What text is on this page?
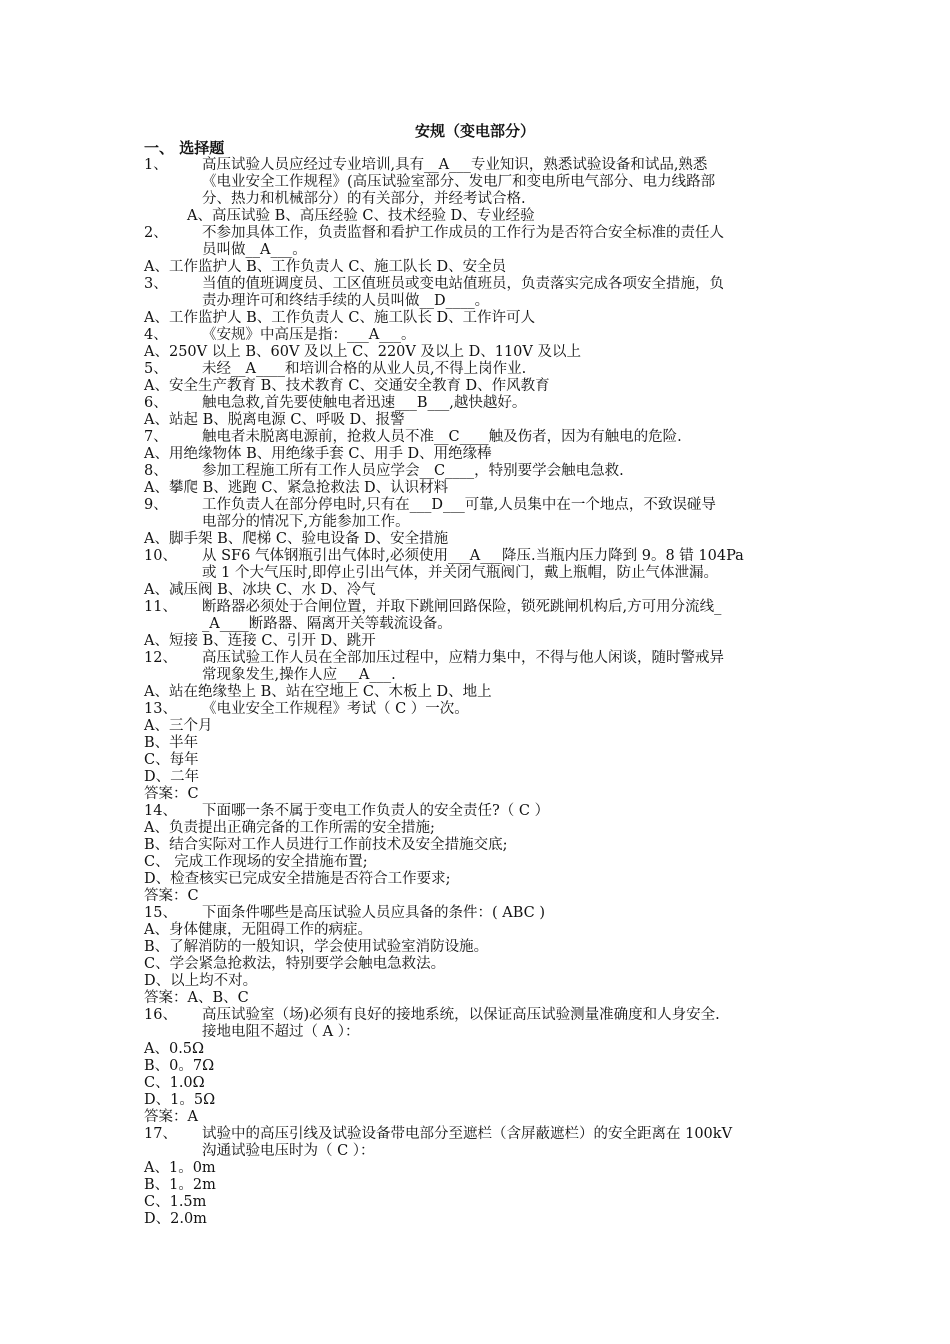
安规（变电部分）
一、 选择题
1、 高压试验人员应经过专业培训,具有__A___专业知识，熟悉试验设备和试品,熟悉
《电业安全工作规程》(高压试验室部分、发电厂和变电所电气部分、电力线路部
分、热力和机械部分）的有关部分，并经考试合格.
A、高压试验 B、高压经验 C、技术经验 D、专业经验
2、 不参加具体工作，负责监督和看护工作成员的工作行为是否符合安全标准的责任人
员叫做__A___。
A、工作监护人 B、工作负责人 C、施工队长 D、安全员
3、 当值的值班调度员、工区值班员或变电站值班员，负责落实完成各项安全措施，负
责办理许可和终结手续的人员叫做__D____。
A、工作监护人 B、工作负责人 C、施工队长 D、工作许可人
4、 《安规》中高压是指：___A___。
A、250V 以上 B、60V 及以上 C、220V 及以上 D、110V 及以上
5、 未经__A____和培训合格的从业人员,不得上岗作业.
A、安全生产教育 B、技术教育 C、交通安全教育 D、作风教育
6、 触电急救,首先要使触电者迅速___B___,越快越好。
A、站起 B、脱离电源 C、呼吸 D、报警
7、 触电者未脱离电源前，抢救人员不准__C____触及伤者，因为有触电的危险.
A、用绝缘物体 B、用绝缘手套 C、用手 D、用绝缘棒
8、 参加工程施工所有工作人员应学会__C____，特别要学会触电急救.
A、攀爬 B、逃跑 C、紧急抢救法 D、认识材料
9、 工作负责人在部分停电时,只有在___D___可靠,人员集中在一个地点，不致误碰导
电部分的情况下,方能参加工作。
A、脚手架 B、爬梯 C、验电设备 D、安全措施
10、 从 SF6 气体钢瓶引出气体时,必须使用___A___降压.当瓶内压力降到 9。8 错 104Pa
或 1 个大气压时,即停止引出气体，并关闭气瓶阀门，戴上瓶帽，防止气体泄漏。
A、减压阀 B、冰块 C、水 D、冷气
11、 断路器必须处于合闸位置，并取下跳闸回路保险，锁死跳闸机构后,方可用分流线_
_A____断路器、隔离开关等载流设备。
A、短接 B、连接 C、引开 D、跳开
12、 高压试验工作人员在全部加压过程中，应精力集中，不得与他人闲谈，随时警戒异
常现象发生,操作人应___A___.
A、站在绝缘垫上 B、站在空地上 C、木板上 D、地上
13、 《电业安全工作规程》考试（ C ）一次。
A、三个月
B、半年
C、每年
D、二年
答案：C
14、 下面哪一条不属于变电工作负责人的安全责任?（ C ）
A、负责提出正确完备的工作所需的安全措施;
B、结合实际对工作人员进行工作前技术及安全措施交底;
C、 完成工作现场的安全措施布置;
D、检查核实已完成安全措施是否符合工作要求;
答案：C
15、 下面条件哪些是高压试验人员应具备的条件：( ABC )
A、身体健康，无阻碍工作的病症。
B、了解消防的一般知识，学会使用试验室消防设施。
C、学会紧急抢救法，特别要学会触电急救法。
D、以上均不对。
答案：A、B、C
16、 高压试验室（场)必须有良好的接地系统，以保证高压试验测量准确度和人身安全.
接地电阻不超过（ A ）：
A、0.5Ω
B、0。7Ω
C、1.0Ω
D、1。5Ω
答案：A
17、 试验中的高压引线及试验设备带电部分至遮栏（含屏蔽遮栏）的安全距离在 100kV
沟通试验电压时为（ C ）：
A、1。0m
B、1。2m
C、1.5m
D、2.0m
